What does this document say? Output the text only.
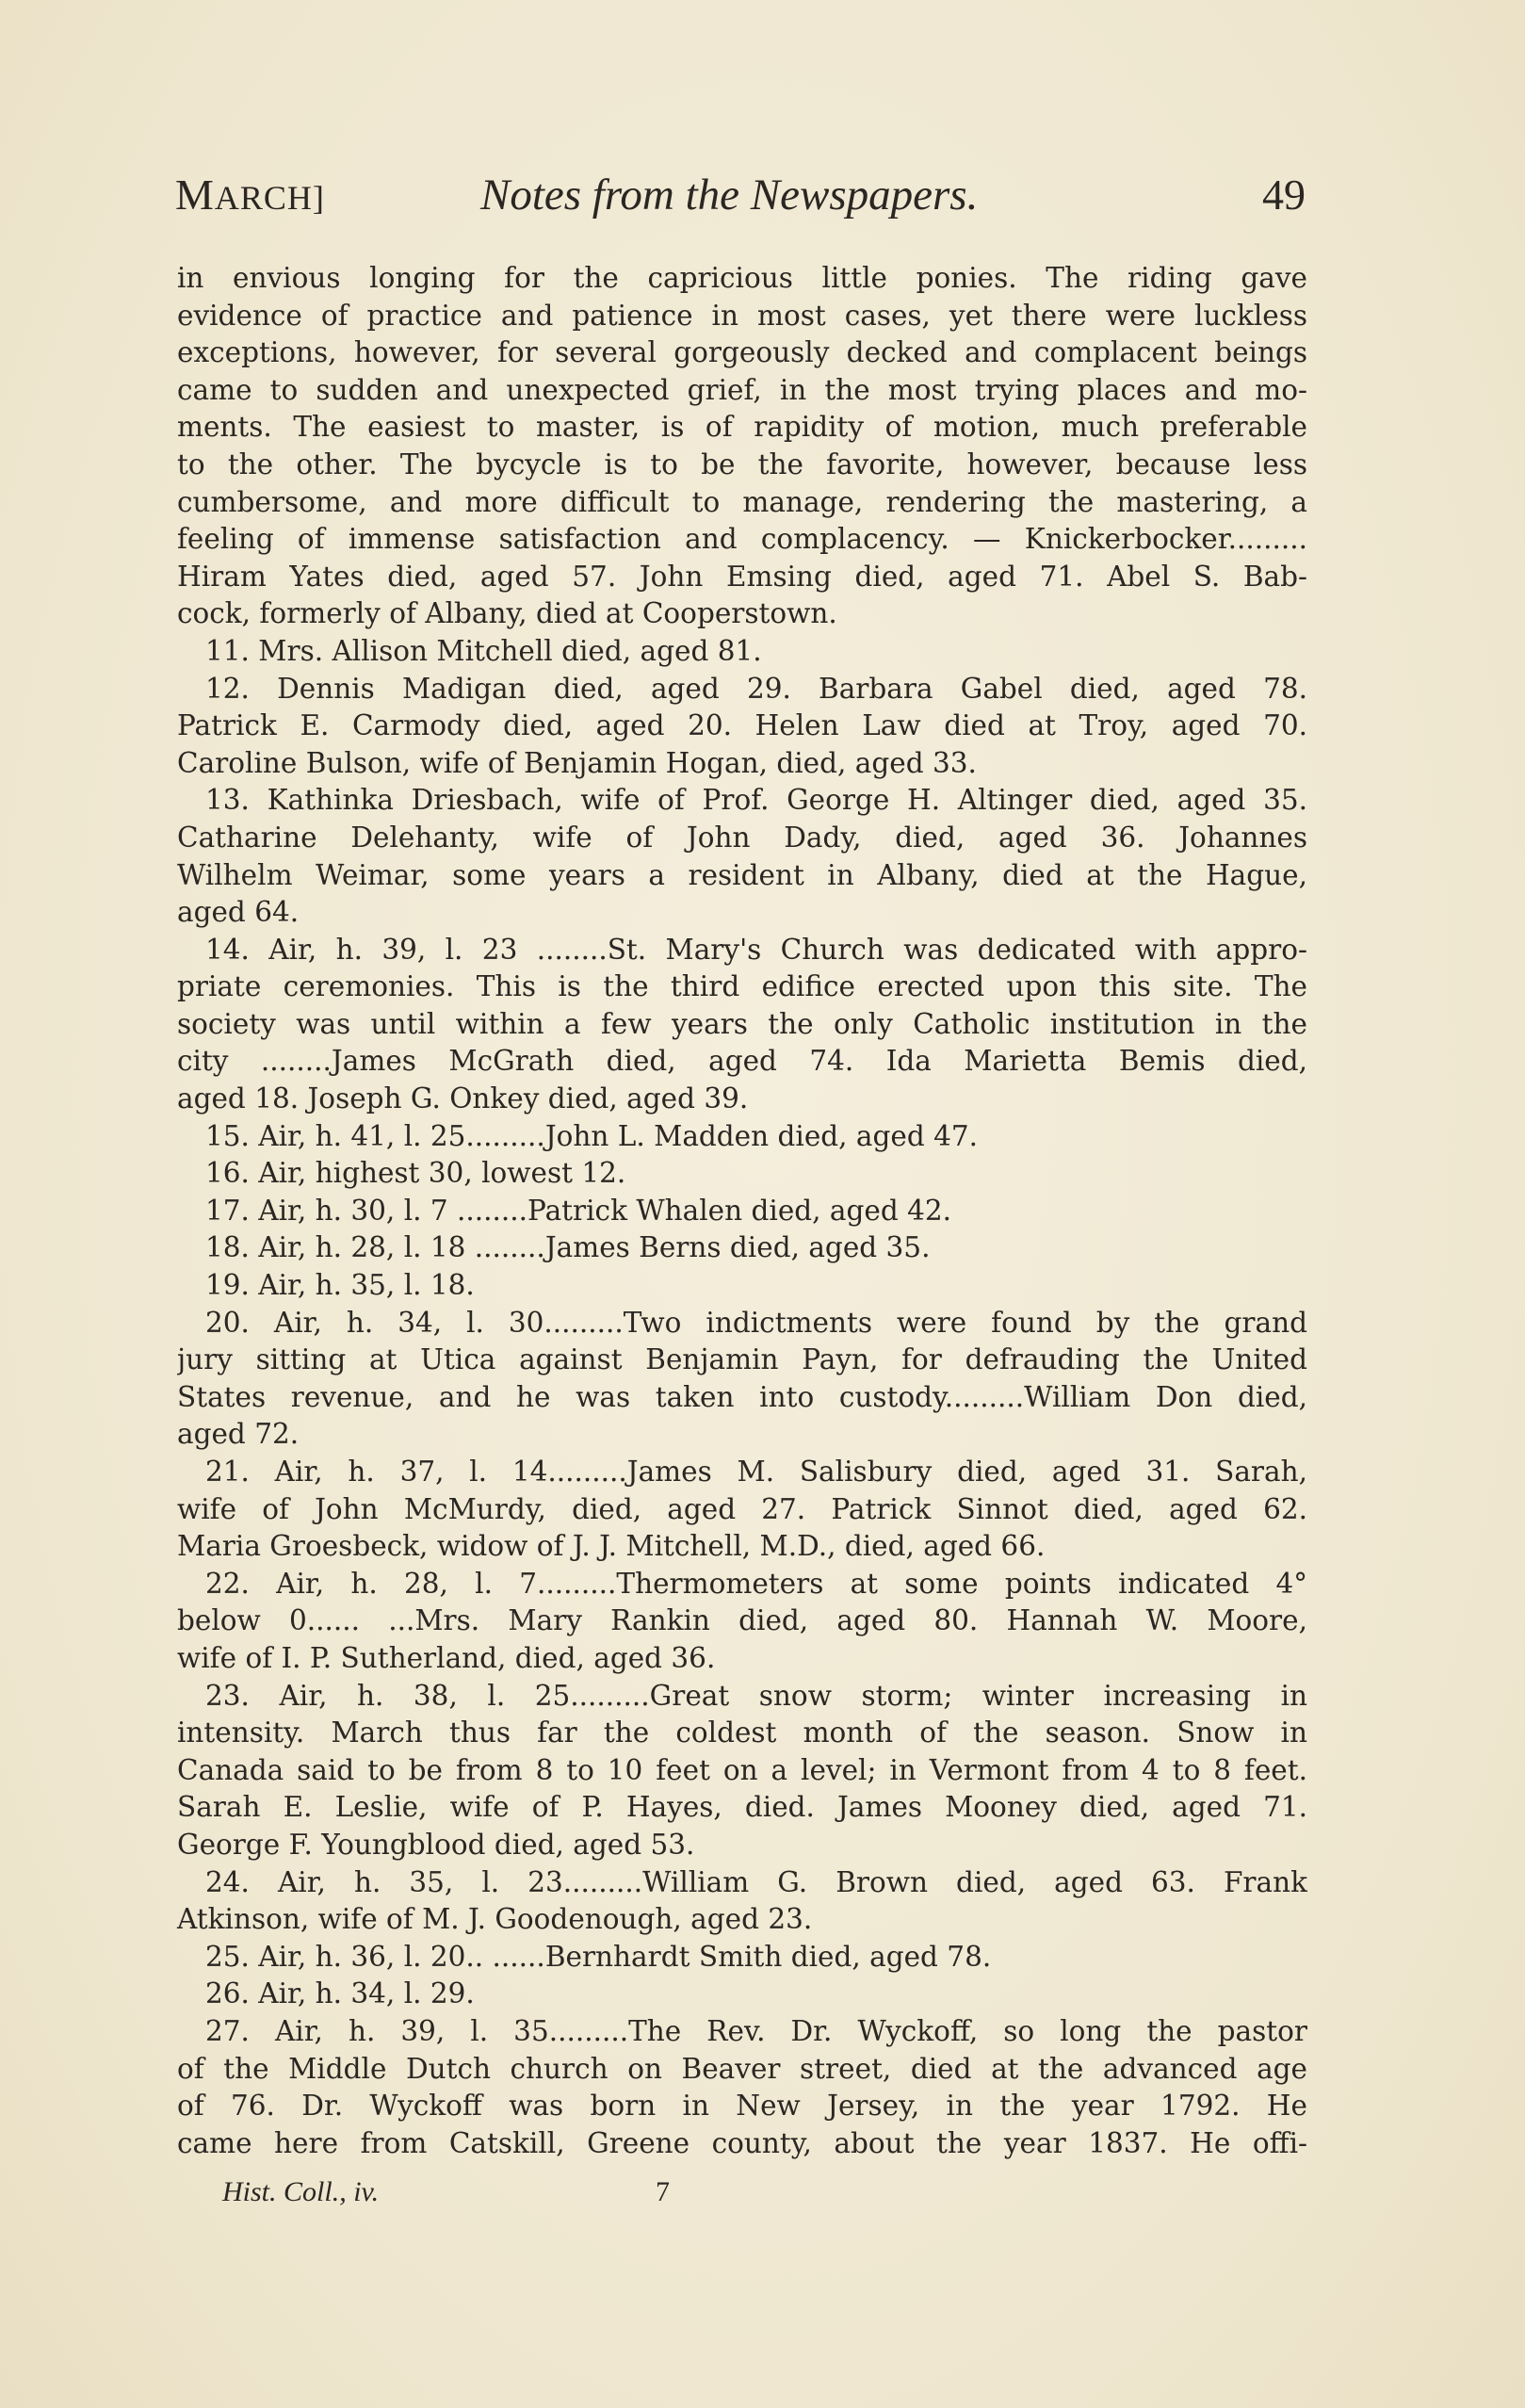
MARCH]	Notes from the Newspapers.	49
in envious longing for the capricious little ponies. The riding gave
evidence of practice and patience in most cases, yet there were luckless
exceptions, however, for several gorgeously decked and complacent beings
came to sudden and unexpected grief, in the most trying places and mo-
ments. The easiest to master, is of rapidity of motion, much preferable
to the other. The bycycle is to be the favorite, however, because less
cumbersome, and more difficult to manage, rendering the mastering, a
feeling of immense satisfaction and complacency. — Knickerbocker.........
Hiram Yates died, aged 57. John Emsing died, aged 71. Abel S. Bab-
cock, formerly of Albany, died at Cooperstown.
11. Mrs. Allison Mitchell died, aged 81.
12. Dennis Madigan died, aged 29. Barbara Gabel died, aged 78.
Patrick E. Carmody died, aged 20. Helen Law died at Troy, aged 70.
Caroline Bulson, wife of Benjamin Hogan, died, aged 33.
13. Kathinka Driesbach, wife of Prof. George H. Altinger died, aged 35.
Catharine Delehanty, wife of John Dady, died, aged 36. Johannes
Wilhelm Weimar, some years a resident in Albany, died at the Hague,
aged 64.
14. Air, h. 39, l. 23 ........St. Mary's Church was dedicated with appro-
priate ceremonies. This is the third edifice erected upon this site. The
society was until within a few years the only Catholic institution in the
city ........James McGrath died, aged 74. Ida Marietta Bemis died,
aged 18. Joseph G. Onkey died, aged 39.
15. Air, h. 41, l. 25.........John L. Madden died, aged 47.
16. Air, highest 30, lowest 12.
17. Air, h. 30, l. 7 ........Patrick Whalen died, aged 42.
18. Air, h. 28, l. 18 ........James Berns died, aged 35.
19. Air, h. 35, l. 18.
20. Air, h. 34, l. 30.........Two indictments were found by the grand
jury sitting at Utica against Benjamin Payn, for defrauding the United
States revenue, and he was taken into custody.........William Don died,
aged 72.
21. Air, h. 37, l. 14.........James M. Salisbury died, aged 31. Sarah,
wife of John McMurdy, died, aged 27. Patrick Sinnot died, aged 62.
Maria Groesbeck, widow of J. J. Mitchell, M.D., died, aged 66.
22. Air, h. 28, l. 7.........Thermometers at some points indicated 4°
below 0...... ...Mrs. Mary Rankin died, aged 80. Hannah W. Moore,
wife of I. P. Sutherland, died, aged 36.
23. Air, h. 38, l. 25.........Great snow storm; winter increasing in
intensity. March thus far the coldest month of the season. Snow in
Canada said to be from 8 to 10 feet on a level; in Vermont from 4 to 8 feet.
Sarah E. Leslie, wife of P. Hayes, died. James Mooney died, aged 71.
George F. Youngblood died, aged 53.
24. Air, h. 35, l. 23.........William G. Brown died, aged 63. Frank
Atkinson, wife of M. J. Goodenough, aged 23.
25. Air, h. 36, l. 20.. ......Bernhardt Smith died, aged 78.
26. Air, h. 34, l. 29.
27. Air, h. 39, l. 35.........The Rev. Dr. Wyckoff, so long the pastor
of the Middle Dutch church on Beaver street, died at the advanced age
of 76. Dr. Wyckoff was born in New Jersey, in the year 1792. He
came here from Catskill, Greene county, about the year 1837. He offi-
Hist. Coll., iv.	7
